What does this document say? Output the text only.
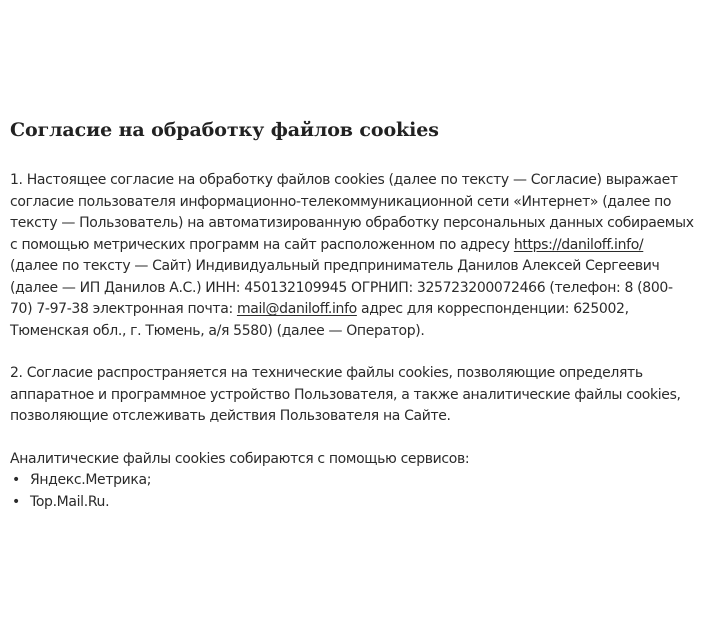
Согласие на обработку файлов cookies

1. Настоящее согласие на обработку файлов cookies (далее по тексту — Согласие) выражает согласие пользователя информационно-телекоммуникационной сети «Интернет» (далее по тексту — Пользователь) на автоматизированную обработку персональных данных собираемых с помощью метрических программ на сайт расположенном по адресу https://daniloff.info/ (далее по тексту — Сайт) Индивидуальный предприниматель Данилов Алексей Сергеевич (далее — ИП Данилов А.С.) ИНН: 450132109945 ОГРНИП: 325723200072466 (телефон: 8 (800-70) 7-97-38 электронная почта: mail@daniloff.info адрес для корреспонденции: 625002, Тюменская обл., г. Тюмень, а/я 5580) (далее — Оператор).

2. Согласие распространяется на технические файлы cookies, позволяющие определять аппаратное и программное устройство Пользователя, а также аналитические файлы cookies, позволяющие отслеживать действия Пользователя на Сайте.

Аналитические файлы cookies собираются с помощью сервисов:

• Яндекс.Метрика;
• Top.Mail.Ru.
